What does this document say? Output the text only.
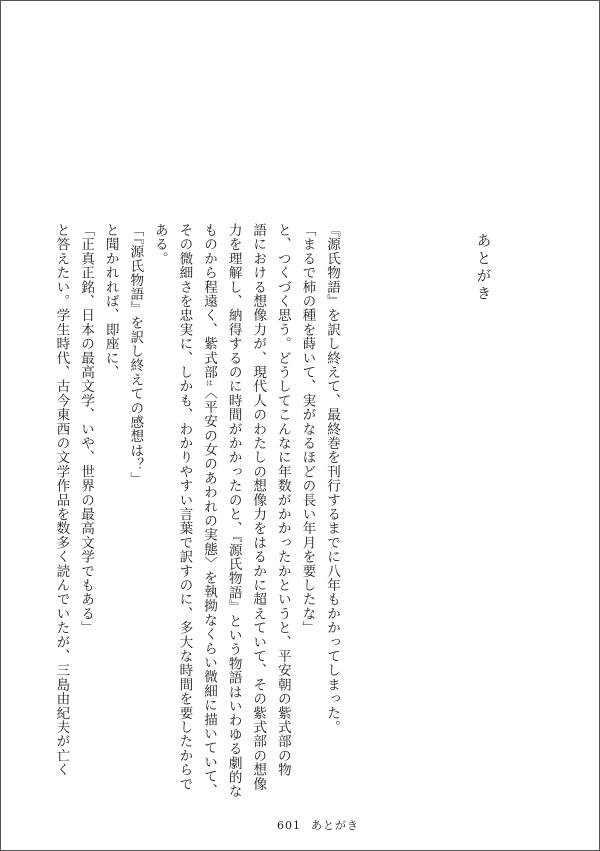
あとがき

『源氏物語』を訳し終えて、最終巻を刊行するまでに八年もかかってしまった。

「まるで柿の種を蒔いて、実がなるほどの長い年月を要したな」

と、つくづく思う。どうしてこんなに年数がかかったかというと、平安朝の紫式部の物

語における想像力が、現代人のわたしの想像力をはるかに超えていて、その紫式部の想像

力を理解し、納得するのに時間がかかったのと、『源氏物語』という物語はいわゆる劇的な

ものから程遠く、紫式部は〈平安の女のあわれの実態〉を執拗なくらい微細に描いていて、

その微細さを忠実に、しかも、わかりやすい言葉で訳すのに、多大な時間を要したからで

ある。

「『源氏物語』を訳し終えての感想は？」

と聞かれれば、即座に、

「正真正銘、日本の最高文学、いや、世界の最高文学でもある」

と答えたい。学生時代、古今東西の文学作品を数多く読んでいたが、三島由紀夫が亡く

601 あとがき
